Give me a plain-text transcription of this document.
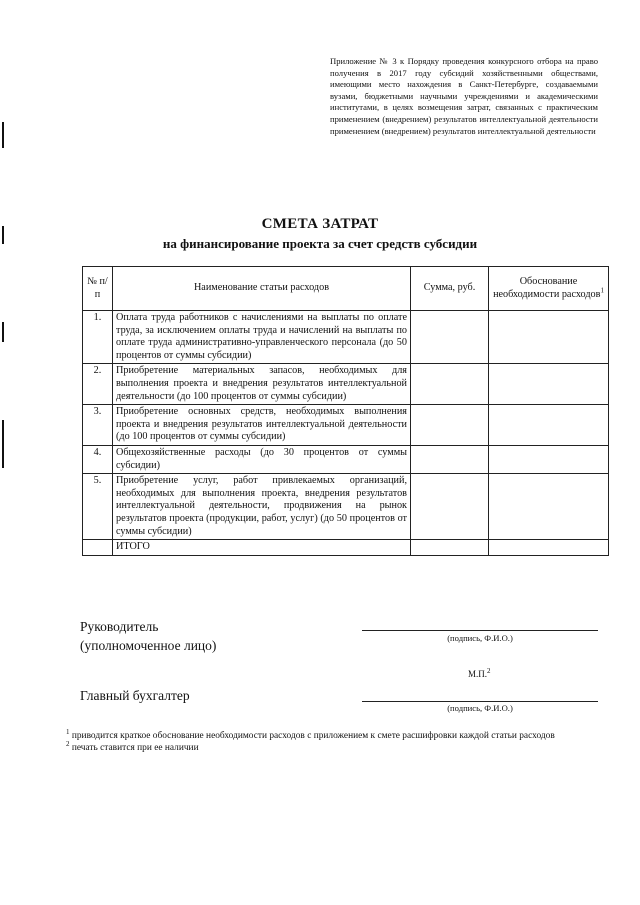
Приложение № 3 к Порядку проведения конкурсного отбора на право получения в 2017 году субсидий хозяйственными обществами, имеющими место нахождения в Санкт-Петербурге, создаваемыми вузами, бюджетными научными учреждениями и академическими институтами, в целях возмещения затрат, связанных с практическим применением (внедрением) результатов интеллектуальной деятельности применением (внедрением) результатов интеллектуальной деятельности
СМЕТА ЗАТРАТ
на финансирование проекта за счет средств субсидии
№ п/п	Наименование статьи расходов	Сумма, руб.	Обоснование необходимости расходов$^1$
1.	Оплата труда работников с начислениями на выплаты по оплате труда, за исключением оплаты труда и начислений на выплаты по оплате труда административно-управленческого персонала (до 50 процентов от суммы субсидии)		
2.	Приобретение материальных запасов, необходимых для выполнения проекта и внедрения результатов интеллектуальной деятельности (до 100 процентов от суммы субсидии)		
3.	Приобретение основных средств, необходимых выполнения проекта и внедрения результатов интеллектуальной деятельности (до 100 процентов от суммы субсидии)		
4.	Общехозяйственные расходы (до 30 процентов от суммы субсидии)		
5.	Приобретение услуг, работ привлекаемых организаций, необходимых для выполнения проекта, внедрения результатов интеллектуальной деятельности, продвижения на рынок результатов проекта (продукции, работ, услуг) (до 50 процентов от суммы субсидии)		
	ИТОГО		
Руководитель
(уполномоченное лицо)	(подпись, Ф.И.О.)
М.П.$^2$
Главный бухгалтер
(подпись, Ф.И.О.)
$^1$ приводится краткое обоснование необходимости расходов с приложением к смете расшифровки каждой статьи расходов
$^2$ печать ставится при ее наличии
